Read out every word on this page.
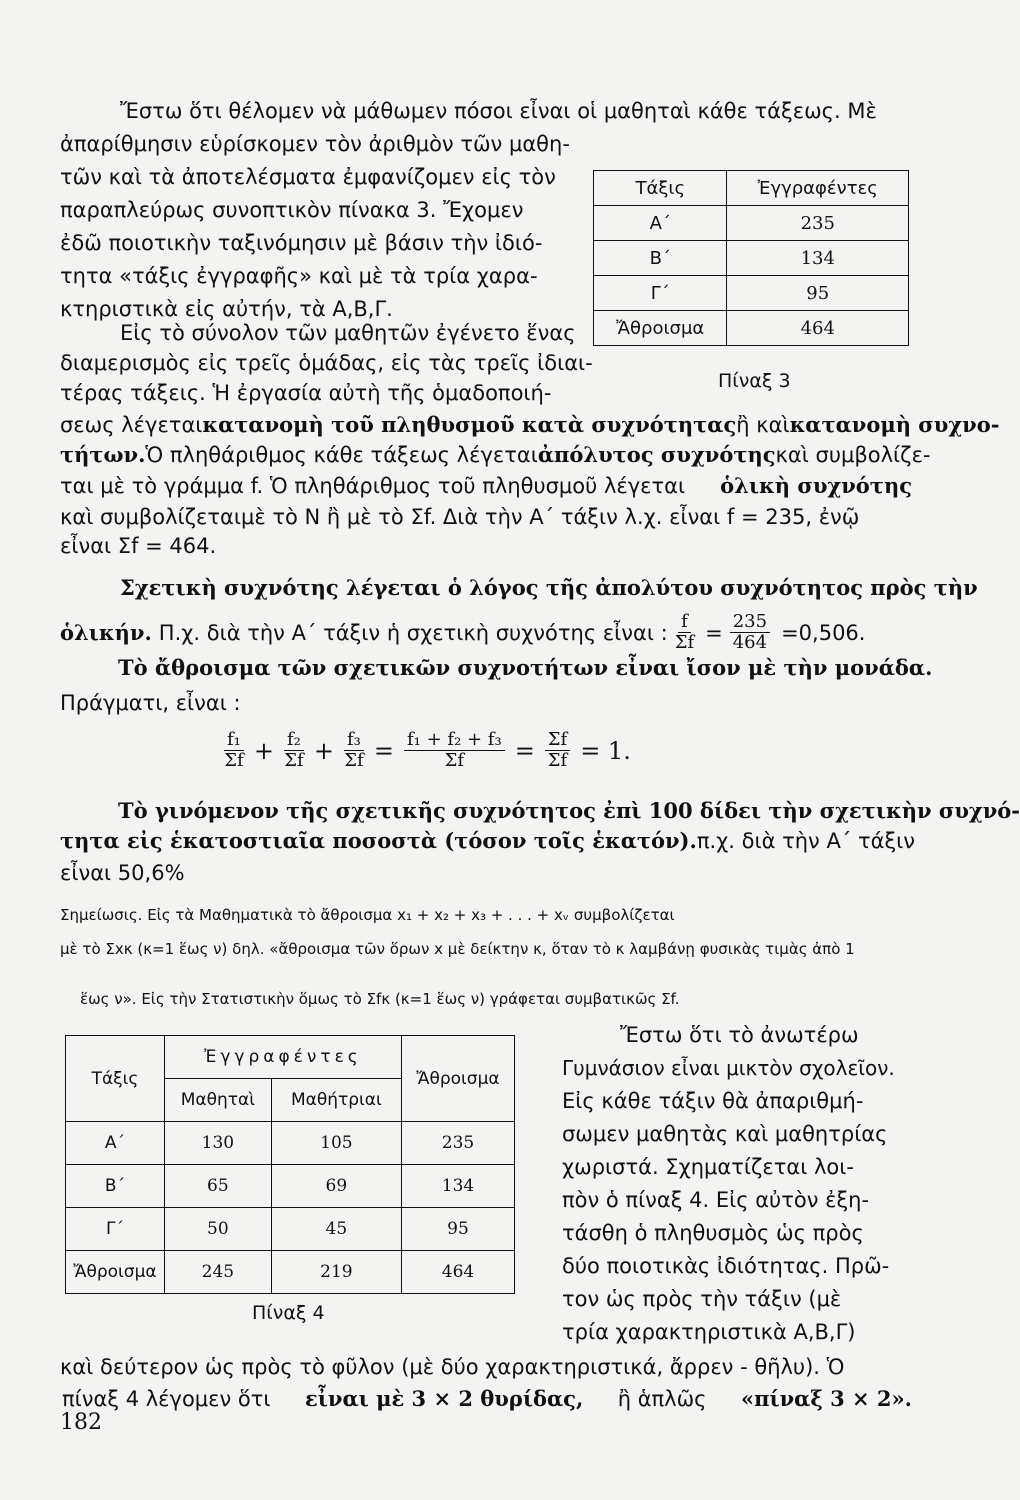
Ἔστω ὅτι θέλομεν νὰ μάθωμεν πόσοι εἶναι οἱ μαθηταὶ κάθε τάξεως. Μὲ
ἀπαρίθμησιν εὑρίσκομεν τὸν ἀριθμὸν τῶν μαθη-
τῶν καὶ τὰ ἀποτελέσματα ἐμφανίζομεν εἰς τὸν
παραπλεύρως συνοπτικὸν πίνακα 3. Ἔχομεν
ἐδῶ ποιοτικὴν ταξινόμησιν μὲ βάσιν τὴν ἰδιό-
τητα «τάξις ἐγγραφῆς» καὶ μὲ τὰ τρία χαρα-
κτηριστικὰ εἰς αὐτήν, τὰ Α,Β,Γ.
Εἰς τὸ σύνολον τῶν μαθητῶν ἐγένετο ἕνας
διαμερισμὸς εἰς τρεῖς ὁμάδας, εἰς τὰς τρεῖς ἰδιαι-
τέρας τάξεις. Ἡ ἐργασία αὐτὴ τῆς ὁμαδοποιή-
Τάξις	Ἐγγραφέντες
Α΄	235
Β΄	134
Γ΄	95
Ἄθροισμα	464
Πίναξ 3
σεως λέγεται κατανομὴ τοῦ πληθυσμοῦ κατὰ συχνότητας ἢ καὶ κατανομὴ συχνο-
τήτων. Ὁ πληθάριθμος κάθε τάξεως λέγεται ἀπόλυτος συχνότης καὶ συμβολίζε-
ται μὲ τὸ γράμμα f. Ὁ πληθάριθμος τοῦ πληθυσμοῦ λέγεται ὁλικὴ συχνότης
καὶ συμβολίζεταιμὲ τὸ Ν ἢ μὲ τὸ Σf. Διὰ τὴν Α΄ τάξιν λ.χ. εἶναι f = 235, ἐνῷ
εἶναι Σf = 464.
Σχετικὴ συχνότης λέγεται ὁ λόγος τῆς ἀπολύτου συχνότητος πρὸς τὴν
ὁλικήν. Π.χ. διὰ τὴν Α΄ τάξιν ἡ σχετικὴ συχνότης εἶναι : $\frac{f}{\Sigma f} = \frac{235}{464} =0,506$.
Τὸ ἄθροισμα τῶν σχετικῶν συχνοτήτων εἶναι ἴσον μὲ τὴν μονάδα.
Πράγματι, εἶναι :
$\frac{\text{f₁}}{\Sigma f} + \frac{\text{f₂}}{\Sigma f} + \frac{\text{f₃}}{\Sigma f} = \frac{\text{f₁ + f₂ + f₃}}{\Sigma f} = \frac{\Sigma f}{\Sigma f} = 1$.
Τὸ γινόμενον τῆς σχετικῆς συχνότητος ἐπὶ 100 δίδει τὴν σχετικὴν συχνό-
τητα εἰς ἑκατοστιαῖα ποσοστὰ (τόσον τοῖς ἑκατόν). π.χ. διὰ τὴν Α΄ τάξιν
εἶναι 50,6%
Σημείωσις. Εἰς τὰ Μαθηματικὰ τὸ ἄθροισμα x₁ + x₂ + x₃ + . . . + xᵥ συμβολίζεται
μὲ τὸ Σxκ (κ=1 ἕως ν) δηλ. «ἄθροισμα τῶν ὅρων x μὲ δείκτην κ, ὅταν τὸ κ λαμβάνῃ φυσικὰς τιμὰς ἀπὸ 1
ἕως ν». Εἰς τὴν Στατιστικὴν ὅμως τὸ Σfκ (κ=1 ἕως ν) γράφεται συμβατικῶς Σf.
Τάξις	Ἐγγραφέντες		Ἄθροισμα
	Μαθηταὶ	Μαθήτριαι	
Α΄	130	105	235
Β΄	65	69	134
Γ΄	50	45	95
Ἄθροισμα	245	219	464
Πίναξ 4
Ἔστω ὅτι τὸ ἀνωτέρω
Γυμνάσιον εἶναι μικτὸν σχολεῖον.
Εἰς κάθε τάξιν θὰ ἀπαριθμή-
σωμεν μαθητὰς καὶ μαθητρίας
χωριστά. Σχηματίζεται λοι-
πὸν ὁ πίναξ 4. Εἰς αὐτὸν ἐξη-
τάσθη ὁ πληθυσμὸς ὡς πρὸς
δύο ποιοτικὰς ἰδιότητας. Πρῶ-
τον ὡς πρὸς τὴν τάξιν (μὲ
τρία χαρακτηριστικὰ Α,Β,Γ)
καὶ δεύτερον ὡς πρὸς τὸ φῦλον (μὲ δύο χαρακτηριστικά, ἄρρεν - θῆλυ). Ὁ
πίναξ 4 λέγομεν ὅτι εἶναι μὲ 3 × 2 θυρίδας, ἢ ἁπλῶς «πίναξ 3 × 2».
182
